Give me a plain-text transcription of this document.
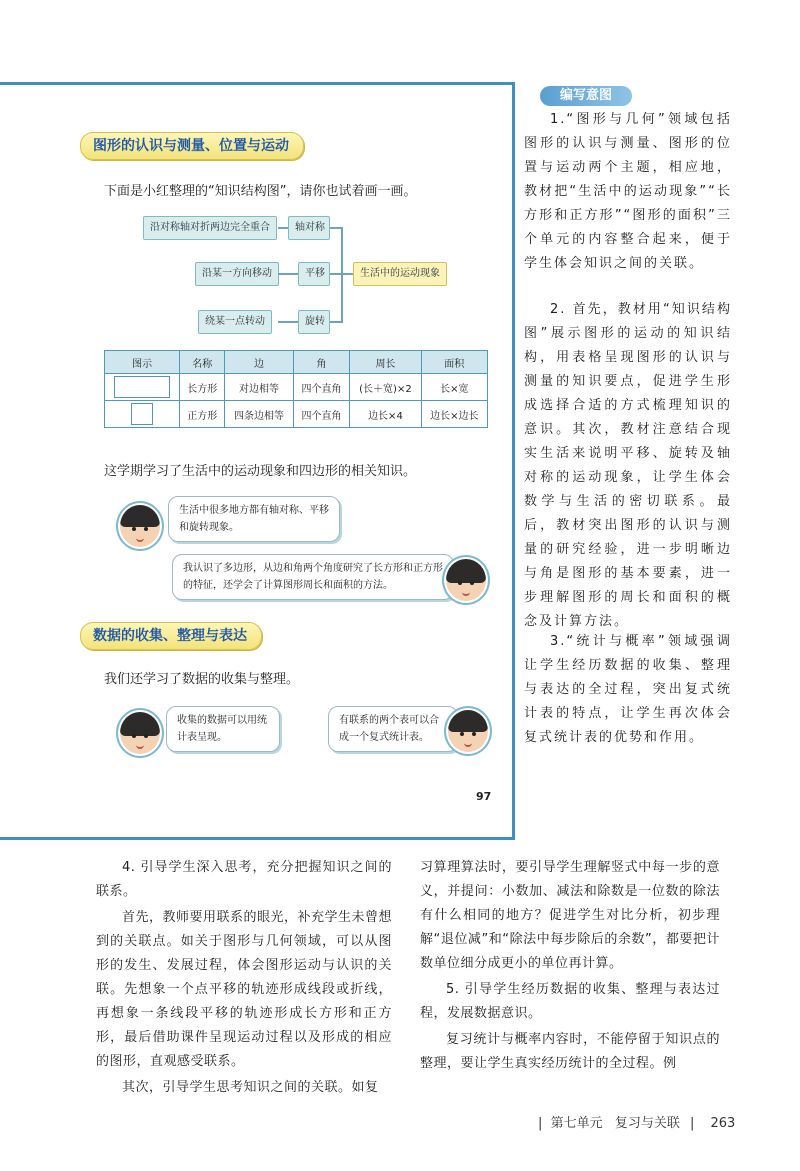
图形的认识与测量、位置与运动
下面是小红整理的“知识结构图”，请你也试着画一画。
沿对称轴对折两边完全重合
沿某一方向移动
绕某一点转动
轴对称
平移
旋转
生活中的运动现象
图示	名称	边	角	周长	面积

	长方形	对边相等	四个直角	(长＋宽)×2	长×宽

	正方形	四条边相等	四个直角	边长×4	边长×边长
这学期学习了生活中的运动现象和四边形的相关知识。
生活中很多地方都有轴对称、平移和旋转现象。
我认识了多边形，从边和角两个角度研究了长方形和正方形的特征，还学会了计算图形周长和面积的方法。
数据的收集、整理与表达
我们还学习了数据的收集与整理。
收集的数据可以用统计表呈现。
有联系的两个表可以合成一个复式统计表。
97
编写意图
1.“图形与几何”领域包括图形的认识与测量、图形的位置与运动两个主题，相应地，教材把“生活中的运动现象”“长方形和正方形”“图形的面积”三个单元的内容整合起来，便于学生体会知识之间的关联。
2. 首先，教材用“知识结构图”展示图形的运动的知识结构，用表格呈现图形的认识与测量的知识要点，促进学生形成选择合适的方式梳理知识的意识。其次，教材注意结合现实生活来说明平移、旋转及轴对称的运动现象，让学生体会数学与生活的密切联系。最后，教材突出图形的认识与测量的研究经验，进一步明晰边与角是图形的基本要素，进一步理解图形的周长和面积的概念及计算方法。
3.“统计与概率”领域强调让学生经历数据的收集、整理与表达的全过程，突出复式统计表的特点，让学生再次体会复式统计表的优势和作用。
4. 引导学生深入思考，充分把握知识之间的联系。
首先，教师要用联系的眼光，补充学生未曾想到的关联点。如关于图形与几何领域，可以从图形的发生、发展过程，体会图形运动与认识的关联。先想象一个点平移的轨迹形成线段或折线，再想象一条线段平移的轨迹形成长方形和正方形，最后借助课件呈现运动过程以及形成的相应的图形，直观感受联系。
其次，引导学生思考知识之间的关联。如复
习算理算法时，要引导学生理解竖式中每一步的意义，并提问：小数加、减法和除数是一位数的除法有什么相同的地方？促进学生对比分析，初步理解“退位减”和“除法中每步除后的余数”，都要把计数单位细分成更小的单位再计算。
5. 引导学生经历数据的收集、整理与表达过程，发展数据意识。
复习统计与概率内容时，不能停留于知识点的整理，要让学生真实经历统计的全过程。例
|  第七单元 复习与关联 | 263
